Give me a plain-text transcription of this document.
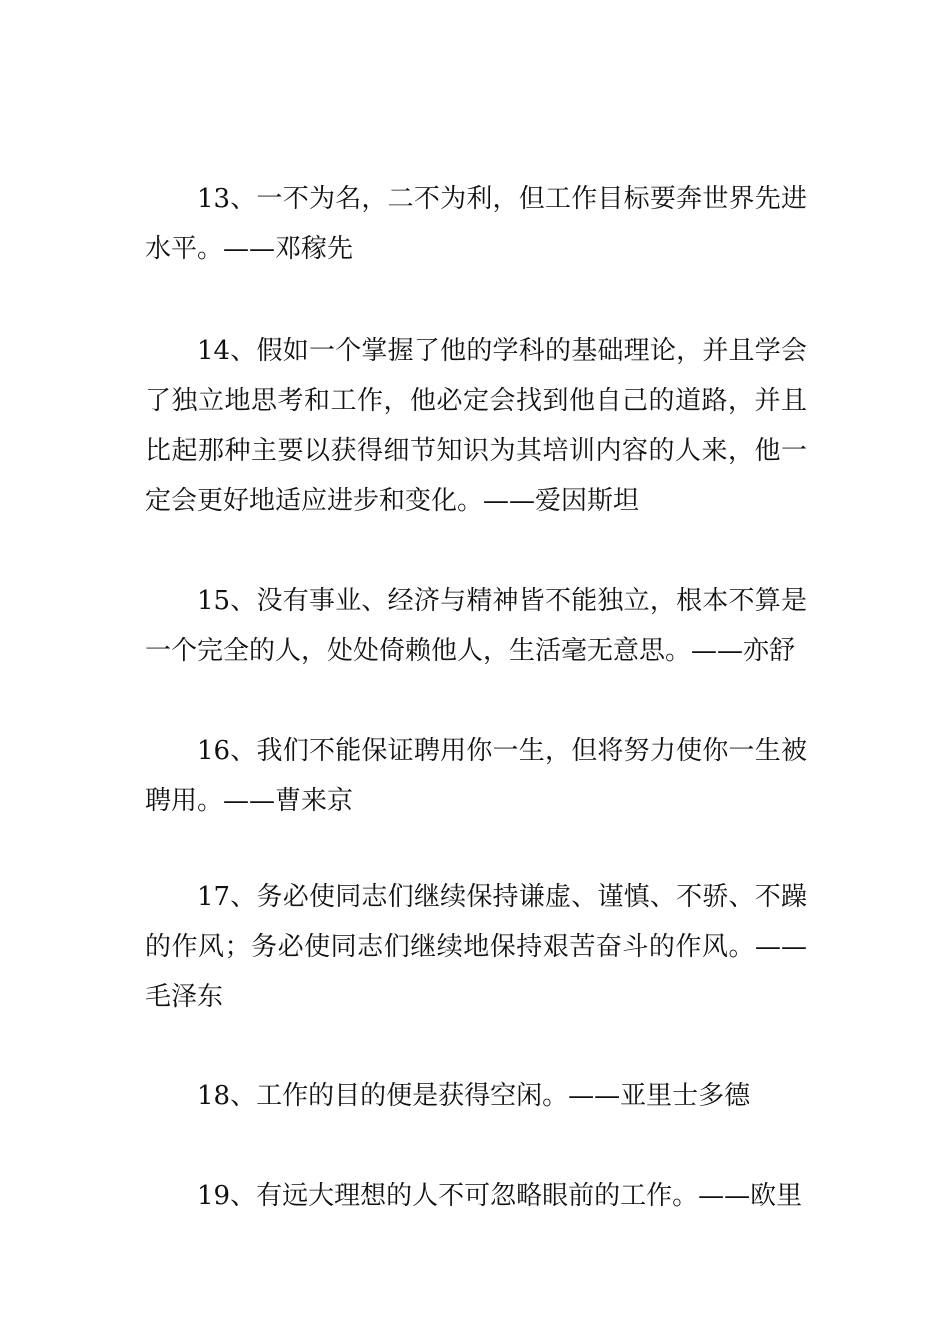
13、一不为名，二不为利，但工作目标要奔世界先进水平。——邓稼先

14、假如一个掌握了他的学科的基础理论，并且学会了独立地思考和工作，他必定会找到他自己的道路，并且比起那种主要以获得细节知识为其培训内容的人来，他一定会更好地适应进步和变化。——爱因斯坦

15、没有事业、经济与精神皆不能独立，根本不算是一个完全的人，处处倚赖他人，生活毫无意思。——亦舒

16、我们不能保证聘用你一生，但将努力使你一生被聘用。——曹来京

17、务必使同志们继续保持谦虚、谨慎、不骄、不躁的作风；务必使同志们继续地保持艰苦奋斗的作风。——毛泽东

18、工作的目的便是获得空闲。——亚里士多德

19、有远大理想的人不可忽略眼前的工作。——欧里
